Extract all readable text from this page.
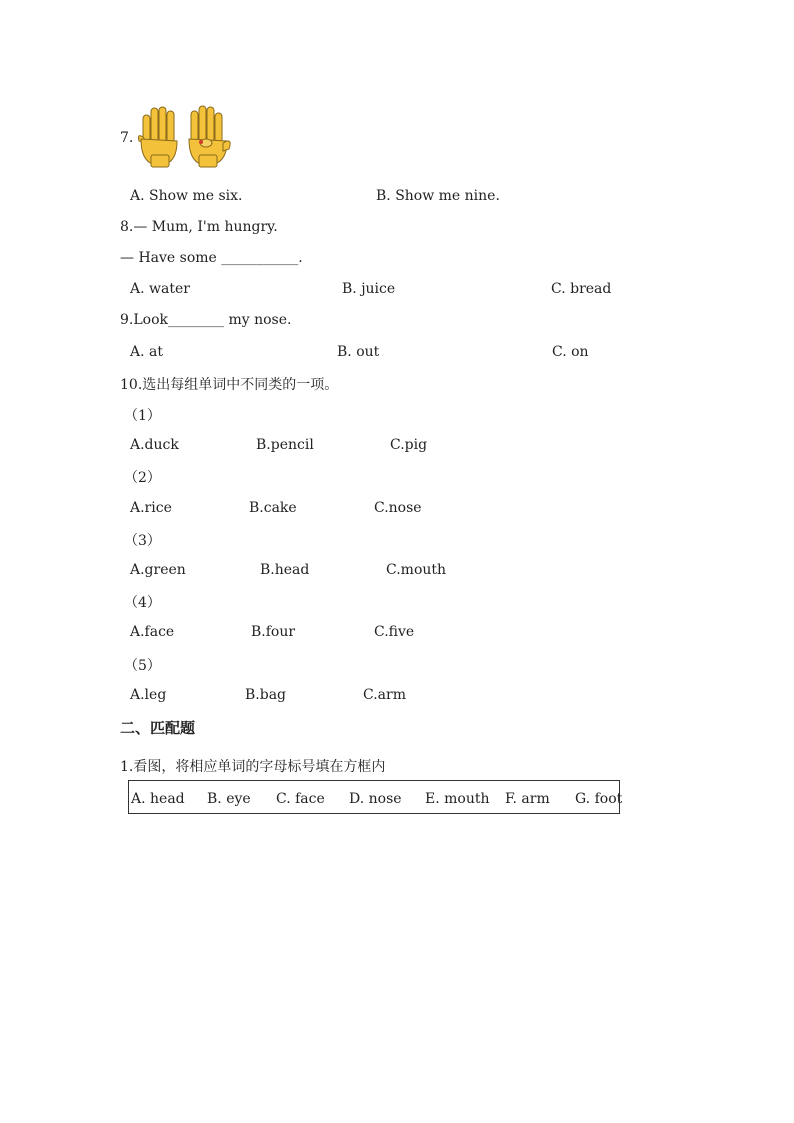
7.
A. Show me six.	B. Show me nine.
8.— Mum, I'm hungry.
— Have some ___________.
A. water	B. juice	C. bread
9.Look________ my nose.
A. at	B. out	C. on
10.选出每组单词中不同类的一项。
（1）
A.duck	B.pencil	C.pig
（2）
A.rice	B.cake	C.nose
（3）
A.green	B.head	C.mouth
（4）
A.face	B.four	C.five
（5）
A.leg	B.bag	C.arm
二、匹配题
1.看图，将相应单词的字母标号填在方框内
A. head B. eye C. face D. nose E. mouth F. arm G. foot
